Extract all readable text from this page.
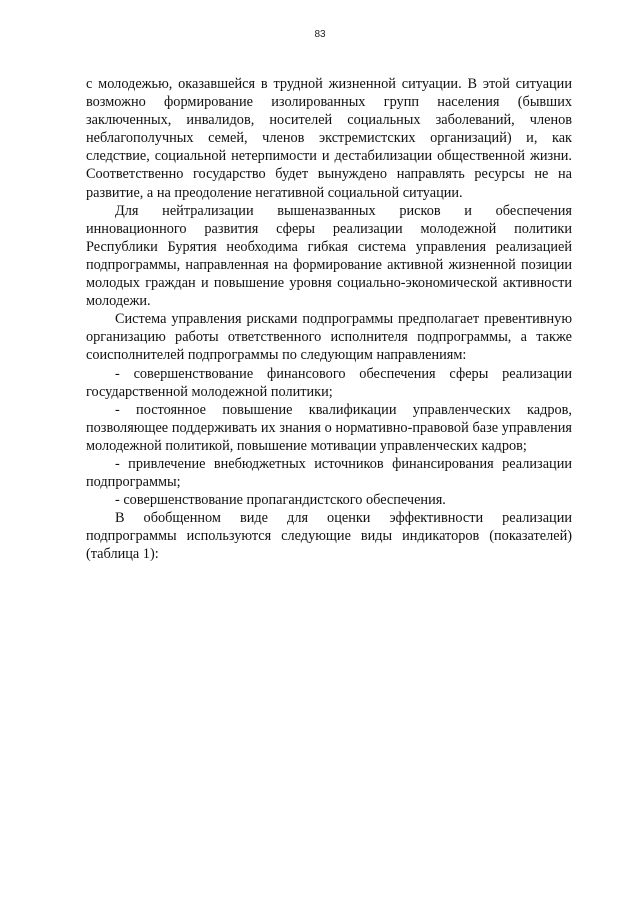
83

с молодежью, оказавшейся в трудной жизненной ситуации. В этой ситуации возможно формирование изолированных групп населения (бывших заключенных, инвалидов, носителей социальных заболеваний, членов неблагополучных семей, членов экстремистских организаций) и, как следствие, социальной нетерпимости и дестабилизации общественной жизни. Соответственно государство будет вынуждено направлять ресурсы не на развитие, а на преодоление негативной социальной ситуации.

Для нейтрализации вышеназванных рисков и обеспечения инновационного развития сферы реализации молодежной политики Республики Бурятия необходима гибкая система управления реализацией подпрограммы, направленная на формирование активной жизненной позиции молодых граждан и повышение уровня социально-экономической активности молодежи.

Система управления рисками подпрограммы предполагает превентивную организацию работы ответственного исполнителя подпрограммы, а также соисполнителей подпрограммы по следующим направлениям:

- совершенствование финансового обеспечения сферы реализации государственной молодежной политики;

- постоянное повышение квалификации управленческих кадров, позволяющее поддерживать их знания о нормативно-правовой базе управления молодежной политикой, повышение мотивации управленческих кадров;

- привлечение внебюджетных источников финансирования реализации подпрограммы;

- совершенствование пропагандистского обеспечения.

В обобщенном виде для оценки эффективности реализации подпрограммы используются следующие виды индикаторов (показателей) (таблица 1):
